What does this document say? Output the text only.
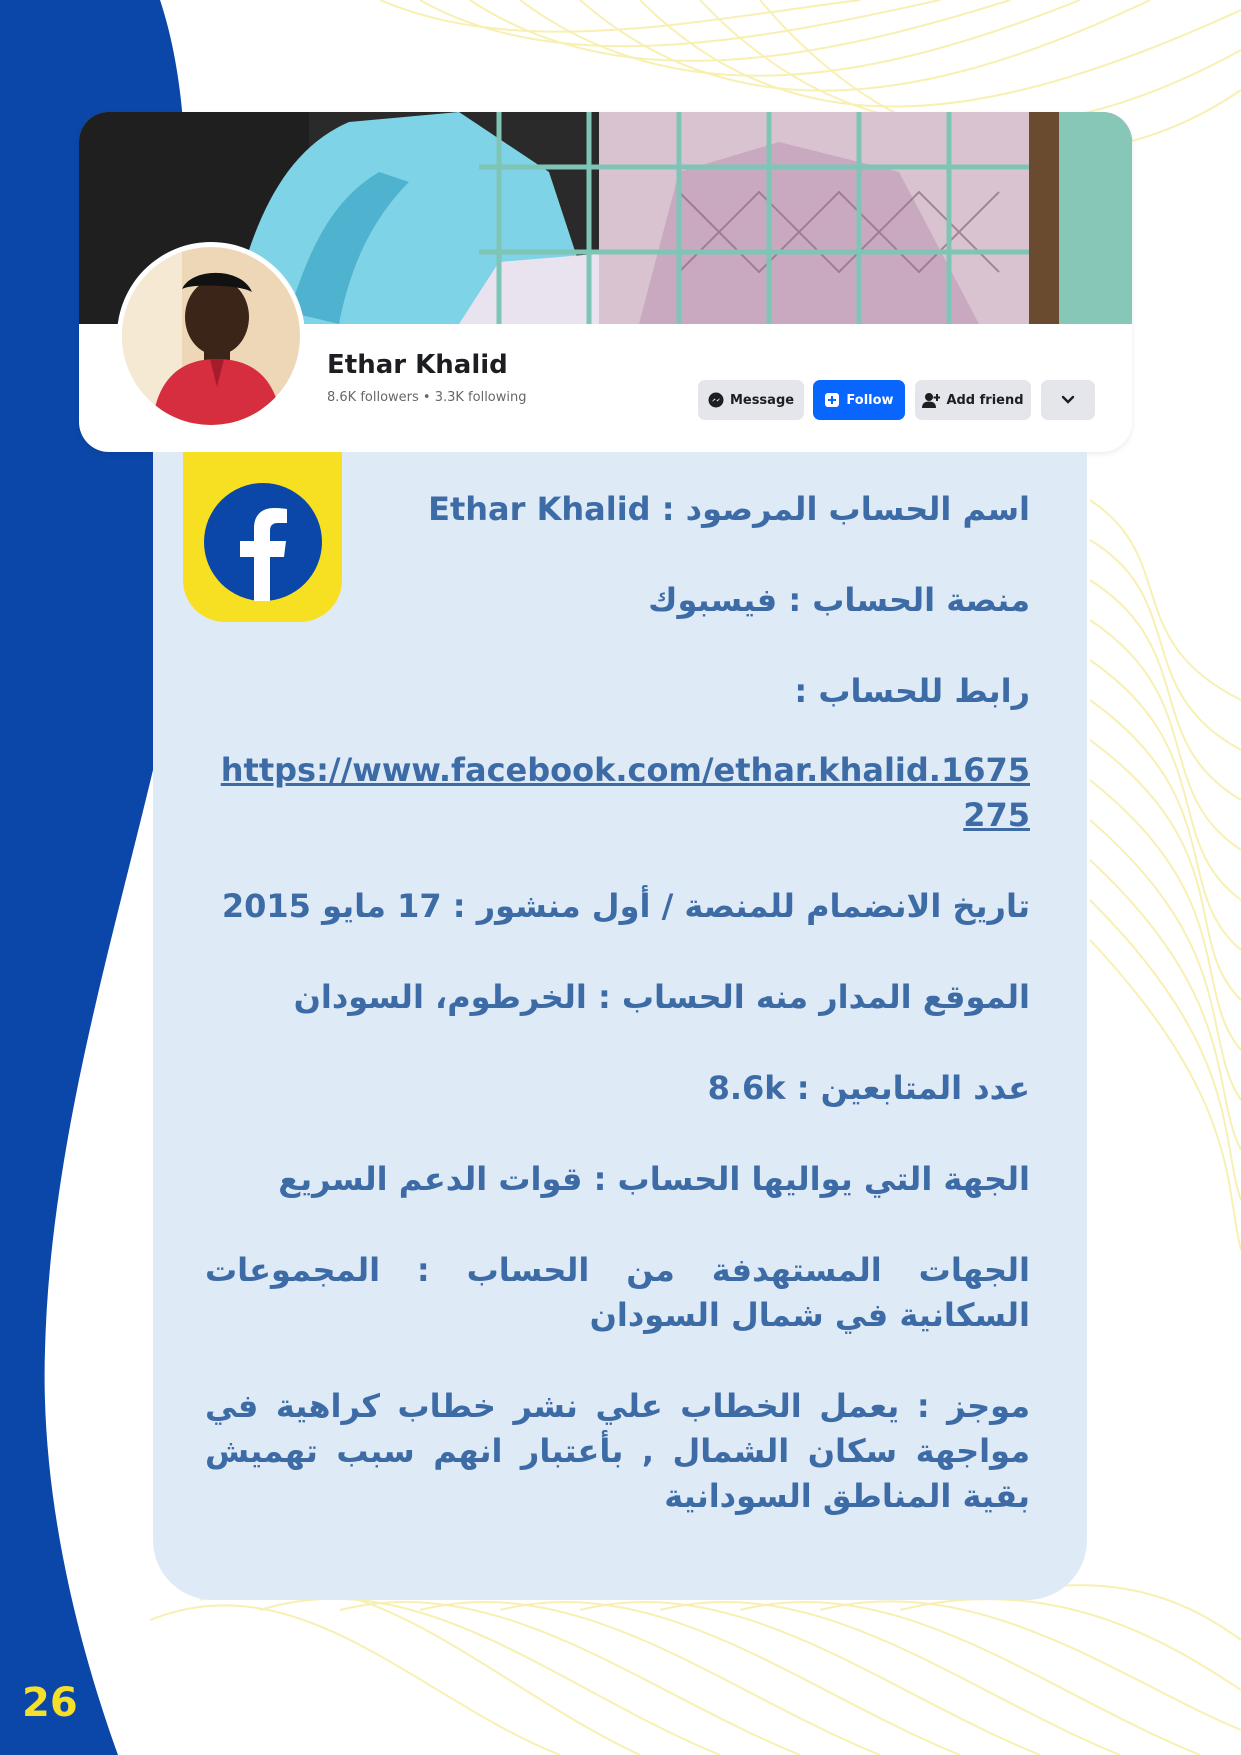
26
Ethar Khalid
8.6K followers • 3.3K following	Message	Follow	Add friend
اسم الحساب المرصود : Ethar Khalid
منصة الحساب : فيسبوك
رابط للحساب :
https://www.facebook.com/ethar.khalid.1675275
تاريخ الانضمام للمنصة / أول منشور : 17 مايو 2015
الموقع المدار منه الحساب : الخرطوم، السودان
عدد المتابعين : 8.6k
الجهة التي يواليها الحساب : قوات الدعم السريع
الجهات المستهدفة من الحساب : المجموعات السكانية في شمال السودان
موجز : يعمل الخطاب علي نشر خطاب كراهية في مواجهة سكان الشمال , بأعتبار انهم سبب تهميش بقية المناطق السودانية
